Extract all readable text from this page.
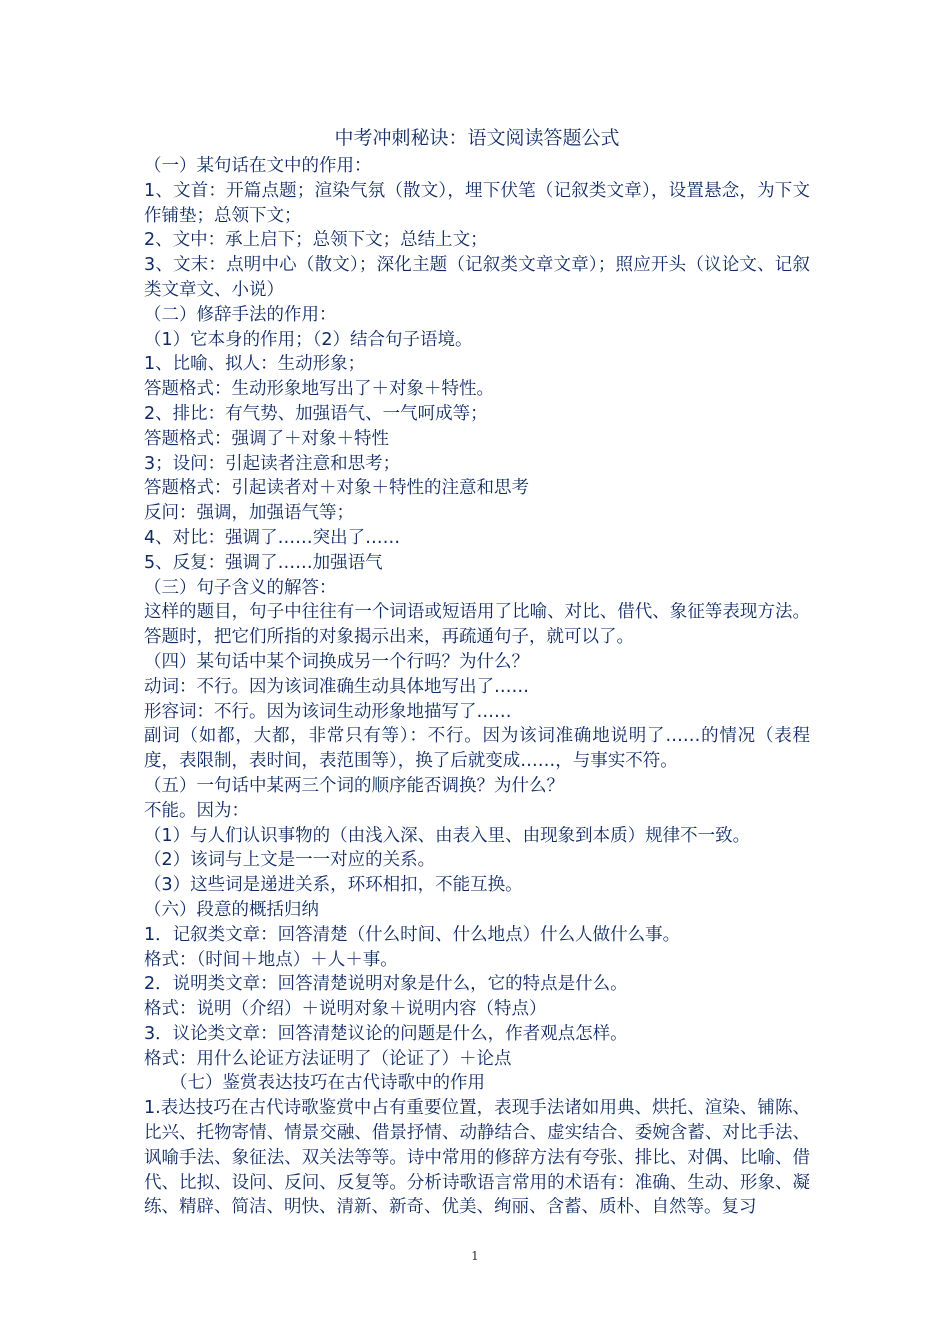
中考冲刺秘诀：语文阅读答题公式
（一）某句话在文中的作用：
1、文首：开篇点题；渲染气氛（散文），埋下伏笔（记叙类文章），设置悬念，为下文作铺垫；总领下文；
2、文中：承上启下；总领下文；总结上文；
3、文末：点明中心（散文）；深化主题（记叙类文章文章）；照应开头（议论文、记叙类文章文、小说）
（二）修辞手法的作用：
（1）它本身的作用；（2）结合句子语境。
1、比喻、拟人：生动形象；
答题格式：生动形象地写出了＋对象＋特性。
2、排比：有气势、加强语气、一气呵成等；
答题格式：强调了＋对象＋特性
3；设问：引起读者注意和思考；
答题格式：引起读者对＋对象＋特性的注意和思考
反问：强调，加强语气等；
4、对比：强调了……突出了……
5、反复：强调了……加强语气
（三）句子含义的解答：
这样的题目，句子中往往有一个词语或短语用了比喻、对比、借代、象征等表现方法。答题时，把它们所指的对象揭示出来，再疏通句子，就可以了。
（四）某句话中某个词换成另一个行吗？为什么？
动词：不行。因为该词准确生动具体地写出了……
形容词：不行。因为该词生动形象地描写了……
副词（如都，大都，非常只有等）：不行。因为该词准确地说明了……的情况（表程度，表限制，表时间，表范围等），换了后就变成……，与事实不符。
（五）一句话中某两三个词的顺序能否调换？为什么？
不能。因为：
（1）与人们认识事物的（由浅入深、由表入里、由现象到本质）规律不一致。
（2）该词与上文是一一对应的关系。
（3）这些词是递进关系，环环相扣，不能互换。
（六）段意的概括归纳
1．记叙类文章：回答清楚（什么时间、什么地点）什么人做什么事。
格式：（时间＋地点）＋人＋事。
2．说明类文章：回答清楚说明对象是什么，它的特点是什么。
格式：说明（介绍）＋说明对象＋说明内容（特点）
3．议论类文章：回答清楚议论的问题是什么，作者观点怎样。
格式：用什么论证方法证明了（论证了）＋论点
（七）鉴赏表达技巧在古代诗歌中的作用
1.表达技巧在古代诗歌鉴赏中占有重要位置，表现手法诸如用典、烘托、渲染、铺陈、比兴、托物寄情、情景交融、借景抒情、动静结合、虚实结合、委婉含蓄、对比手法、讽喻手法、象征法、双关法等等。诗中常用的修辞方法有夸张、排比、对偶、比喻、借代、比拟、设问、反问、反复等。分析诗歌语言常用的术语有：准确、生动、形象、凝练、精辟、简洁、明快、清新、新奇、优美、绚丽、含蓄、质朴、自然等。复习
1
